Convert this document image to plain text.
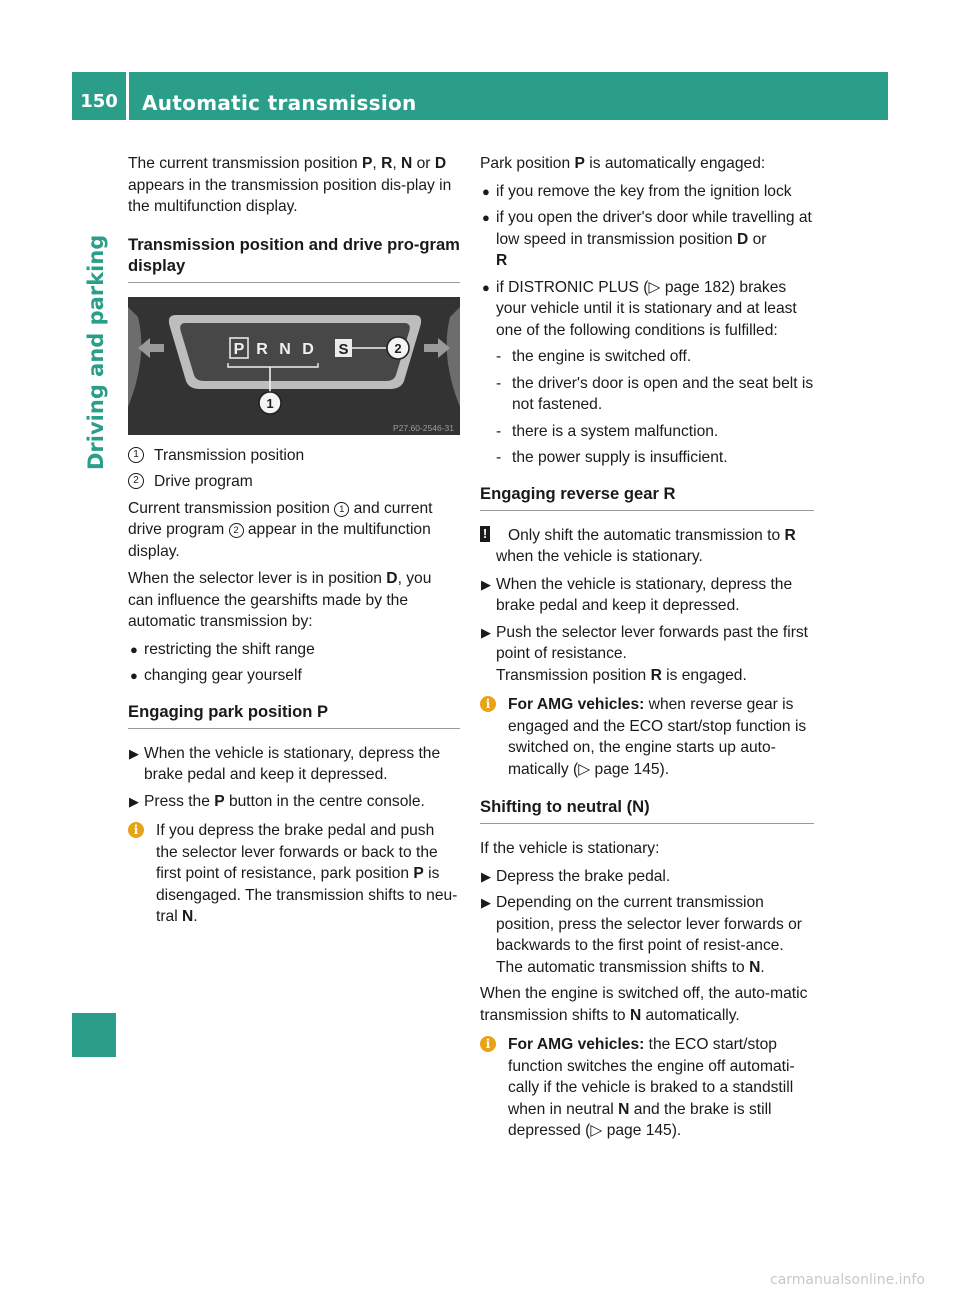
150	Automatic transmission
Driving and parking

The current transmission position P, R, N or D appears in the transmission position dis-play in the multifunction display.

Transmission position and drive pro-gram display
P R N D S	2
1
P27.60-2546-31
1 Transmission position
2 Drive program

Current transmission position 1 and current drive program 2 appear in the multifunction display.

When the selector lever is in position D, you can influence the gearshifts made by the automatic transmission by:

● restricting the shift range
● changing gear yourself
Engaging park position P
▶ When the vehicle is stationary, depress the brake pedal and keep it depressed.
▶ Press the P button in the centre console.
i	If you depress the brake pedal and push the selector lever forwards or back to the first point of resistance, park position P is disengaged. The transmission shifts to neu-tral N.

Park position P is automatically engaged:

● if you remove the key from the ignition lock
● if you open the driver's door while travelling at low speed in transmission position D or
R
● if DISTRONIC PLUS (▷ page 182) brakes your vehicle until it is stationary and at least one of the following conditions is fulfilled:
- the engine is switched off.
- the driver's door is open and the seat belt is not fastened.
- there is a system malfunction.
- the power supply is insufficient.
Engaging reverse gear R
! Only shift the automatic transmission to R when the vehicle is stationary.
▶ When the vehicle is stationary, depress the brake pedal and keep it depressed.
▶ Push the selector lever forwards past the first point of resistance.
Transmission position R is engaged.
i	For AMG vehicles: when reverse gear is engaged and the ECO start/stop function is switched on, the engine starts up auto-matically (▷ page 145).
Shifting to neutral (N)

If the vehicle is stationary:

▶ Depress the brake pedal.
▶ Depending on the current transmission position, press the selector lever forwards or backwards to the first point of resist-ance.
The automatic transmission shifts to N.

When the engine is switched off, the auto-matic transmission shifts to N automatically.

i	For AMG vehicles: the ECO start/stop function switches the engine off automati-cally if the vehicle is braked to a standstill when in neutral N and the brake is still depressed (▷ page 145).
carmanualsonline.info
